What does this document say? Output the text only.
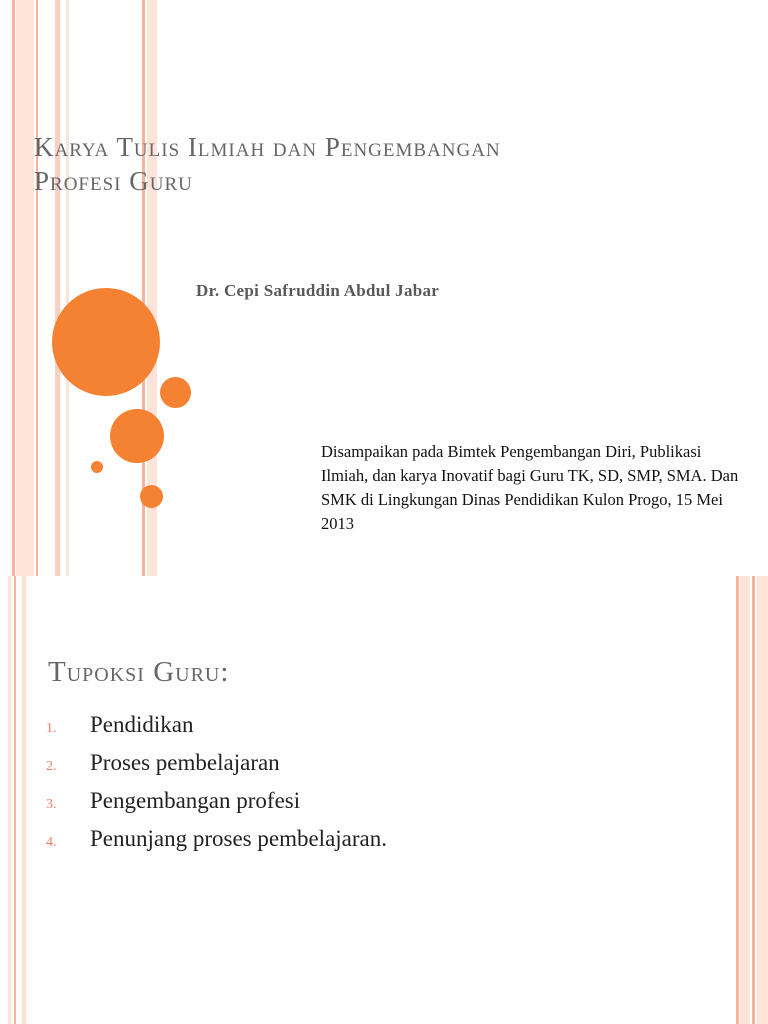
Karya Tulis Ilmiah dan Pengembangan
Profesi Guru
Dr. Cepi Safruddin Abdul Jabar
Disampaikan pada Bimtek Pengembangan Diri, Publikasi Ilmiah, dan karya Inovatif bagi Guru TK, SD, SMP, SMA. Dan SMK di Lingkungan Dinas Pendidikan Kulon Progo, 15 Mei 2013
Tupoksi Guru:
1.	Pendidikan
2.	Proses pembelajaran
3.	Pengembangan profesi
4.	Penunjang proses pembelajaran.
